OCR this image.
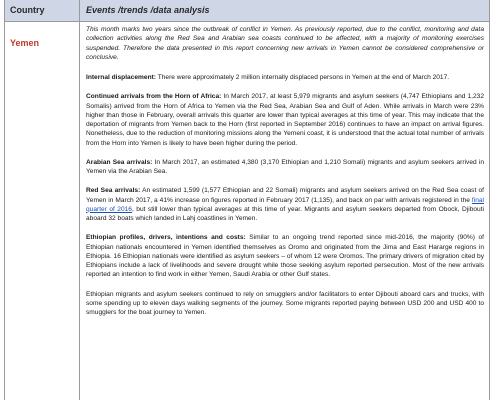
Country	Events /trends /data analysis
Yemen

This month marks two years since the outbreak of conflict in Yemen. As previously reported, due to the conflict, monitoring and data collection activities along the Red Sea and Arabian sea coasts continued to be affected, with a majority of monitoring exercises suspended. Therefore the data presented in this report concerning new arrivals in Yemen cannot be considered comprehensive or conclusive.

Internal displacement: There were approximately 2 million internally displaced persons in Yemen at the end of March 2017.

Continued arrivals from the Horn of Africa: In March 2017, at least 5,979 migrants and asylum seekers (4,747 Ethiopians and 1,232 Somalis) arrived from the Horn of Africa to Yemen via the Red Sea, Arabian Sea and Gulf of Aden. While arrivals in March were 23% higher than those in February, overall arrivals this quarter are lower than typical averages at this time of year. This may indicate that the deportation of migrants from Yemen back to the Horn (first reported in September 2016) continues to have an impact on arrival figures. Nonetheless, due to the reduction of monitoring missions along the Yemeni coast, it is understood that the actual total number of arrivals from the Horn into Yemen is likely to have been higher during the period.

Arabian Sea arrivals: In March 2017, an estimated 4,380 (3,170 Ethiopian and 1,210 Somali) migrants and asylum seekers arrived in Yemen via the Arabian Sea.

Red Sea arrivals: An estimated 1,599 (1,577 Ethiopian and 22 Somali) migrants and asylum seekers arrived on the Red Sea coast of Yemen in March 2017, a 41% increase on figures reported in February 2017 (1,135), and back on par with arrivals registered in the final quarter of 2016, but still lower than typical averages at this time of year. Migrants and asylum seekers departed from Obock, Djibouti aboard 32 boats which landed in Lahj coastlines in Yemen.

Ethiopian profiles, drivers, intentions and costs: Similar to an ongoing trend reported since mid-2016, the majority (90%) of Ethiopian nationals encountered in Yemen identified themselves as Oromo and originated from the Jima and East Hararge regions in Ethiopia. 16 Ethiopian nationals were identified as asylum seekers – of whom 12 were Oromos. The primary drivers of migration cited by Ethiopians include a lack of livelihoods and severe drought while those seeking asylum reported persecution. Most of the new arrivals reported an intention to find work in either Yemen, Saudi Arabia or other Gulf states.

Ethiopian migrants and asylum seekers continued to rely on smugglers and/or facilitators to enter Djibouti aboard cars and trucks, with some spending up to eleven days walking segments of the journey. Some migrants reported paying between USD 200 and USD 400 to smugglers for the boat journey to Yemen.
